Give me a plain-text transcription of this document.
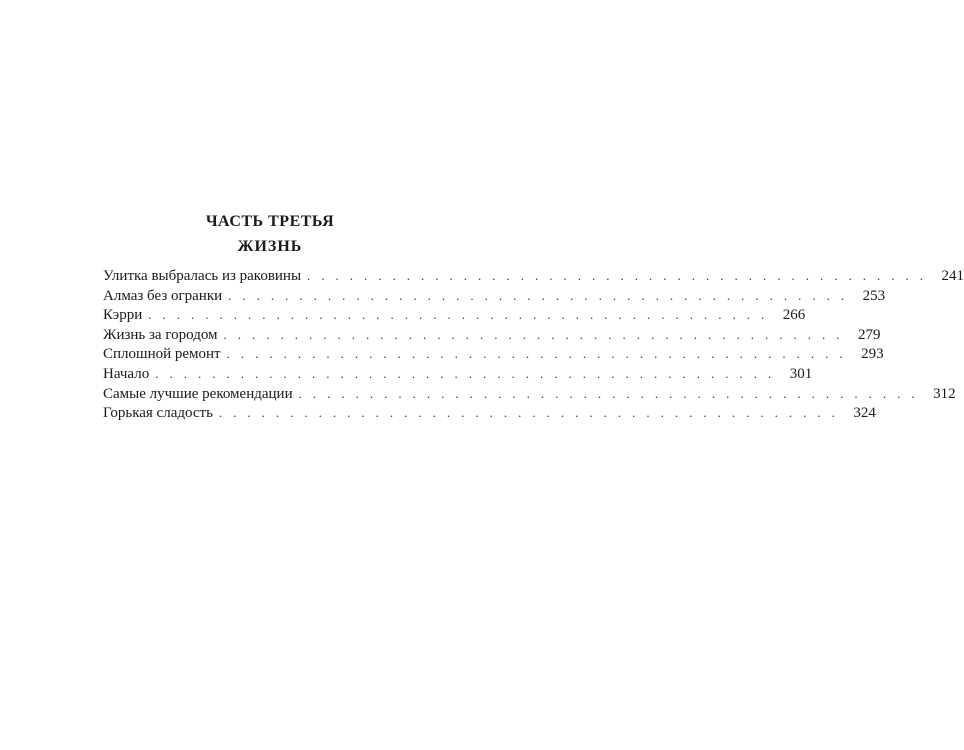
ЧАСТЬ ТРЕТЬЯ
ЖИЗНЬ
Улитка выбралась из раковины ............................................ 241
Алмаз без огранки ............................................ 253
Кэрри ............................................ 266
Жизнь за городом ............................................ 279
Сплошной ремонт ............................................ 293
Начало ............................................ 301
Самые лучшие рекомендации ............................................ 312
Горькая сладость ............................................ 324
